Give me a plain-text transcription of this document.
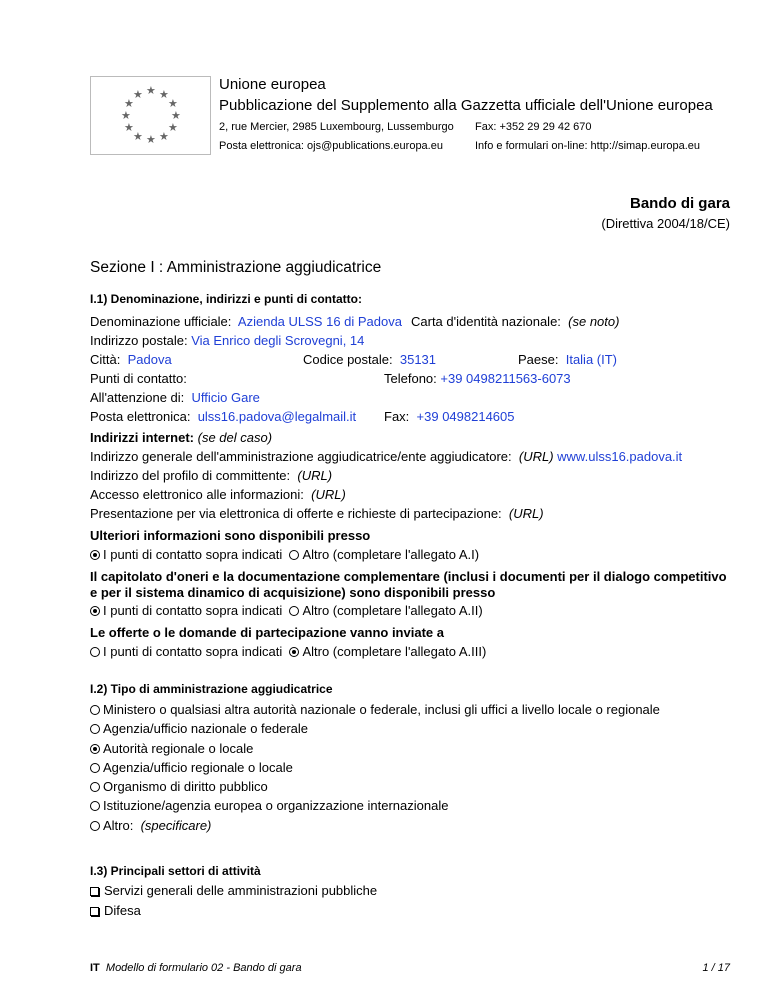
★ ★
★
★
★
★
★
★
★
★
★
★
Unione europea
Pubblicazione del Supplemento alla Gazzetta ufficiale dell'Unione europea
2, rue Mercier, 2985 Luxembourg, Lussemburgo Fax: +352 29 29 42 670
Posta elettronica: ojs@publications.europa.eu	Info e formulari on-line: http://simap.europa.eu
Bando di gara
(Direttiva 2004/18/CE)
Sezione I : Amministrazione aggiudicatrice
I.1) Denominazione, indirizzi e punti di contatto:
Denominazione ufficiale: Azienda ULSS 16 di Padova Carta d'identità nazionale: (se noto)
Indirizzo postale: Via Enrico degli Scrovegni, 14
Città: Padova	Codice postale: 35131	Paese: Italia (IT)
Punti di contatto:	Telefono: +39 0498211563-6073
All'attenzione di: Ufficio Gare
Posta elettronica: ulss16.padova@legalmail.it Fax: +39 0498214605
Indirizzi internet: (se del caso)
Indirizzo generale dell'amministrazione aggiudicatrice/ente aggiudicatore: (URL) www.ulss16.padova.it
Indirizzo del profilo di committente: (URL)
Accesso elettronico alle informazioni: (URL)
Presentazione per via elettronica di offerte e richieste di partecipazione: (URL)
Ulteriori informazioni sono disponibili presso
I punti di contatto sopra indicati Altro (completare l'allegato A.I)
Il capitolato d'oneri e la documentazione complementare (inclusi i documenti per il dialogo competitivo
e per il sistema dinamico di acquisizione) sono disponibili presso
I punti di contatto sopra indicati Altro (completare l'allegato A.II)
Le offerte o le domande di partecipazione vanno inviate a
I punti di contatto sopra indicati Altro (completare l'allegato A.III)
I.2) Tipo di amministrazione aggiudicatrice
Ministero o qualsiasi altra autorità nazionale o federale, inclusi gli uffici a livello locale o regionale
Agenzia/ufficio nazionale o federale
Autorità regionale o locale
Agenzia/ufficio regionale o locale
Organismo di diritto pubblico
Istituzione/agenzia europea o organizzazione internazionale
Altro: (specificare)
I.3) Principali settori di attività
Servizi generali delle amministrazioni pubbliche
Difesa
IT Modello di formulario 02 - Bando di gara	1 / 17
